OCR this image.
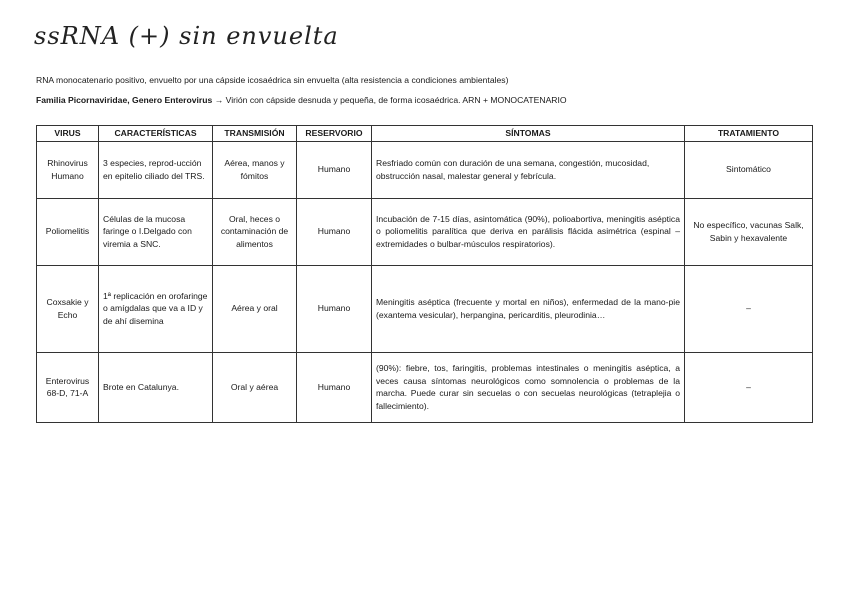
ssRNA (+) sin envuelta
RNA monocatenario positivo, envuelto por una cápside icosaédrica sin envuelta (alta resistencia a condiciones ambientales)
Familia Picornaviridae, Genero Enterovirus → Virión con cápside desnuda y pequeña, de forma icosaédrica. ARN + MONOCATENARIO
VIRUS	CARACTERÍSTICAS	TRANSMISIÓN	RESERVORIO	SÍNTOMAS	TRATAMIENTO
Rhinovirus Humano	3 especies, reprod-ucción en epitelio ciliado del TRS.	Aérea, manos y fómitos	Humano	Resfriado común con duración de una semana, congestión, mucosidad, obstrucción nasal, malestar general y febrícula.	Sintomático
Poliomelitis	Células de la mucosa faringe o I.Delgado con viremia a SNC.	Oral, heces o contaminación de alimentos	Humano	Incubación de 7-15 días, asintomática (90%), polioabortiva, meningitis aséptica o poliomelitis paralítica que deriva en parálisis flácida asimétrica (espinal – extremidades o bulbar-músculos respiratorios).	No específico, vacunas Salk, Sabin y hexavalente
Coxsakie y Echo	1ª replicación en orofaringe o amígdalas que va a ID y de ahí disemina	Aérea y oral	Humano	Meningitis aséptica (frecuente y mortal en niños), enfermedad de la mano-pie (exantema vesicular), herpangina, pericarditis, pleurodinia…	–
Enterovirus 68-D, 71-A	Brote en Catalunya.	Oral y aérea	Humano	(90%): fiebre, tos, faringitis, problemas intestinales o meningitis aséptica, a veces causa síntomas neurológicos como somnolencia o problemas de la marcha. Puede curar sin secuelas o con secuelas neurológicas (tetraplejia o fallecimiento).	–
